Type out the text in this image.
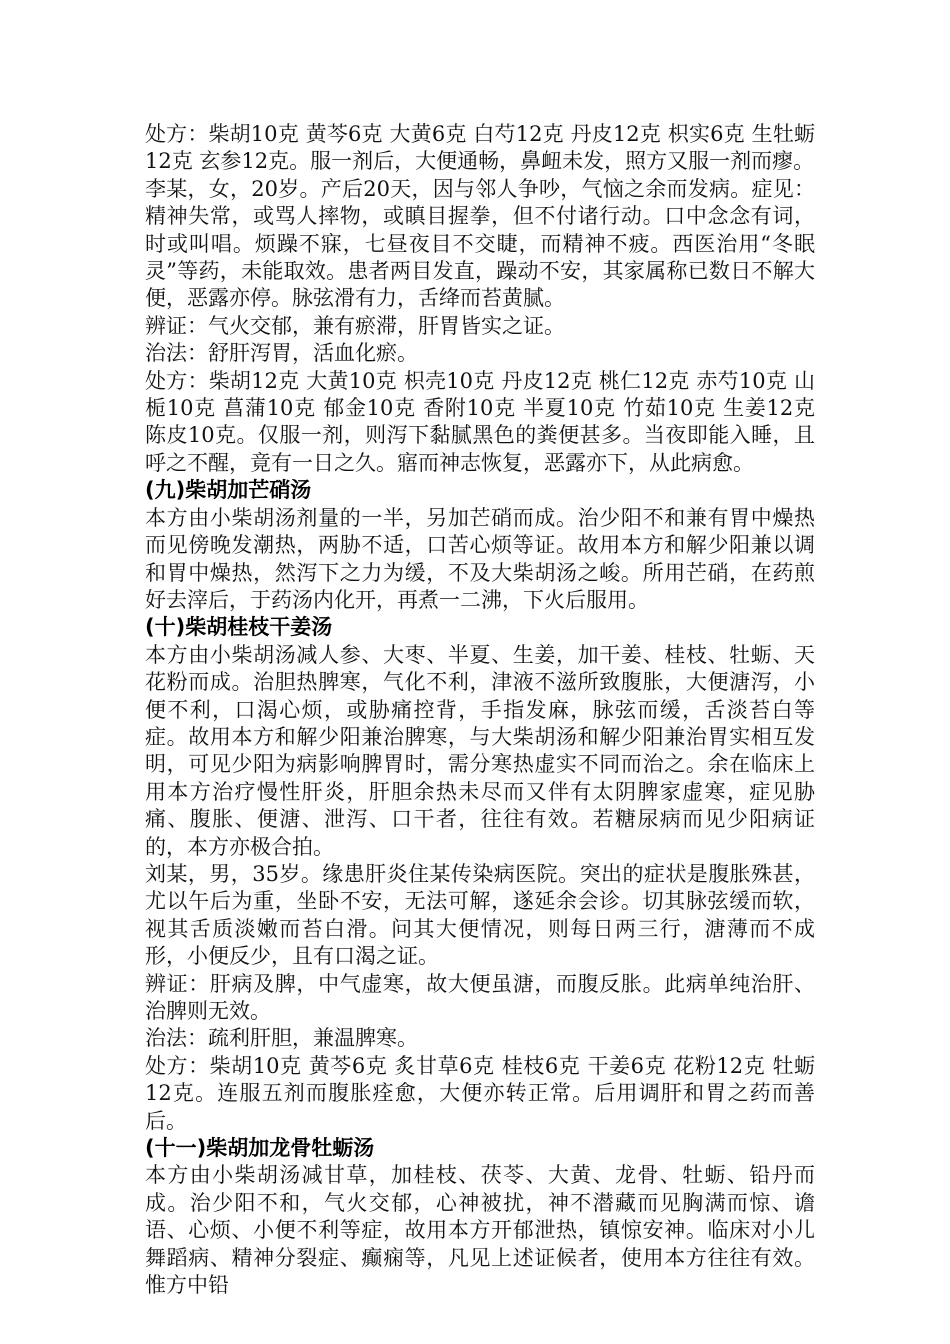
处方：柴胡10克 黄芩6克 大黄6克 白芍12克 丹皮12克 枳实6克 生牡蛎12克 玄参12克。服一剂后，大便通畅，鼻衄未发，照方又服一剂而瘳。

李某，女，20岁。产后20天，因与邻人争吵，气恼之余而发病。症见：精神失常，或骂人摔物，或瞋目握拳，但不付诸行动。口中念念有词，时或叫唱。烦躁不寐，七昼夜目不交睫，而精神不疲。西医治用“冬眠灵”等药，未能取效。患者两目发直，躁动不安，其家属称已数日不解大便，恶露亦停。脉弦滑有力，舌绛而苔黄腻。

辨证：气火交郁，兼有瘀滞，肝胃皆实之证。

治法：舒肝泻胃，活血化瘀。

处方：柴胡12克 大黄10克 枳壳10克 丹皮12克 桃仁12克 赤芍10克 山栀10克 菖蒲10克 郁金10克 香附10克 半夏10克 竹茹10克 生姜12克 陈皮10克。仅服一剂，则泻下黏腻黑色的粪便甚多。当夜即能入睡，且呼之不醒，竟有一日之久。寤而神志恢复，恶露亦下，从此病愈。

(九)柴胡加芒硝汤

本方由小柴胡汤剂量的一半，另加芒硝而成。治少阳不和兼有胃中燥热而见傍晚发潮热，两胁不适，口苦心烦等证。故用本方和解少阳兼以调和胃中燥热，然泻下之力为缓，不及大柴胡汤之峻。所用芒硝，在药煎好去滓后，于药汤内化开，再煮一二沸，下火后服用。

(十)柴胡桂枝干姜汤

本方由小柴胡汤减人参、大枣、半夏、生姜，加干姜、桂枝、牡蛎、天花粉而成。治胆热脾寒，气化不利，津液不滋所致腹胀，大便溏泻，小便不利，口渴心烦，或胁痛控背，手指发麻，脉弦而缓，舌淡苔白等症。故用本方和解少阳兼治脾寒，与大柴胡汤和解少阳兼治胃实相互发明，可见少阳为病影响脾胃时，需分寒热虚实不同而治之。余在临床上用本方治疗慢性肝炎，肝胆余热未尽而又伴有太阴脾家虚寒，症见胁痛、腹胀、便溏、泄泻、口干者，往往有效。若糖尿病而见少阳病证的，本方亦极合拍。

刘某，男，35岁。缘患肝炎住某传染病医院。突出的症状是腹胀殊甚，尤以午后为重，坐卧不安，无法可解，遂延余会诊。切其脉弦缓而软，视其舌质淡嫩而苔白滑。问其大便情况，则每日两三行，溏薄而不成形，小便反少，且有口渴之证。

辨证：肝病及脾，中气虚寒，故大便虽溏，而腹反胀。此病单纯治肝、治脾则无效。

治法：疏利肝胆，兼温脾寒。

处方：柴胡10克 黄芩6克 炙甘草6克 桂枝6克 干姜6克 花粉12克 牡蛎12克。连服五剂而腹胀痊愈，大便亦转正常。后用调肝和胃之药而善后。

(十一)柴胡加龙骨牡蛎汤

本方由小柴胡汤减甘草，加桂枝、茯苓、大黄、龙骨、牡蛎、铅丹而成。治少阳不和，气火交郁，心神被扰，神不潜藏而见胸满而惊、谵语、心烦、小便不利等症，故用本方开郁泄热，镇惊安神。临床对小儿舞蹈病、精神分裂症、癫痫等，凡见上述证候者，使用本方往往有效。惟方中铅
